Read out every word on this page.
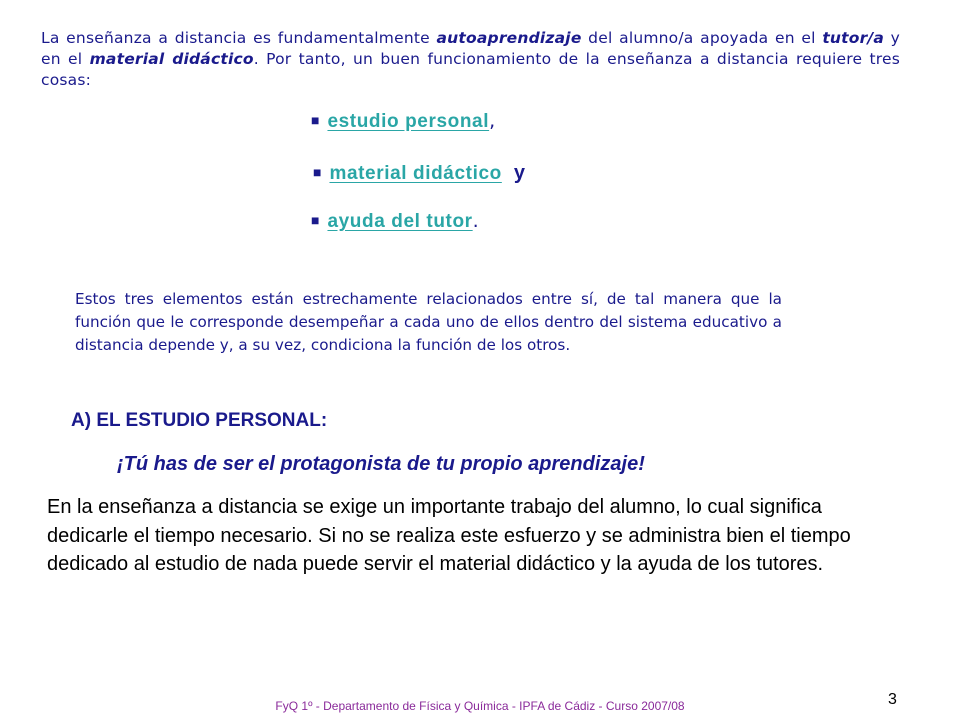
La enseñanza a distancia es fundamentalmente autoaprendizaje del alumno/a apoyada en el tutor/a y en el material didáctico. Por tanto, un buen funcionamiento de la enseñanza a distancia requiere tres cosas:
■ estudio personal,
■ material didáctico y
■ ayuda del tutor.
Estos tres elementos están estrechamente relacionados entre sí, de tal manera que la función que le corresponde desempeñar a cada uno de ellos dentro del sistema educativo a distancia depende y, a su vez, condiciona la función de los otros.
A) EL ESTUDIO PERSONAL:
¡Tú has de ser el protagonista de tu propio aprendizaje!
En la enseñanza a distancia se exige un importante trabajo del alumno, lo cual significa dedicarle el tiempo necesario. Si no se realiza este esfuerzo y se administra bien el tiempo dedicado al estudio de nada puede servir el material didáctico y la ayuda de los tutores.
FyQ 1º - Departamento de Física y Química - IPFA de Cádiz - Curso 2007/08	3
